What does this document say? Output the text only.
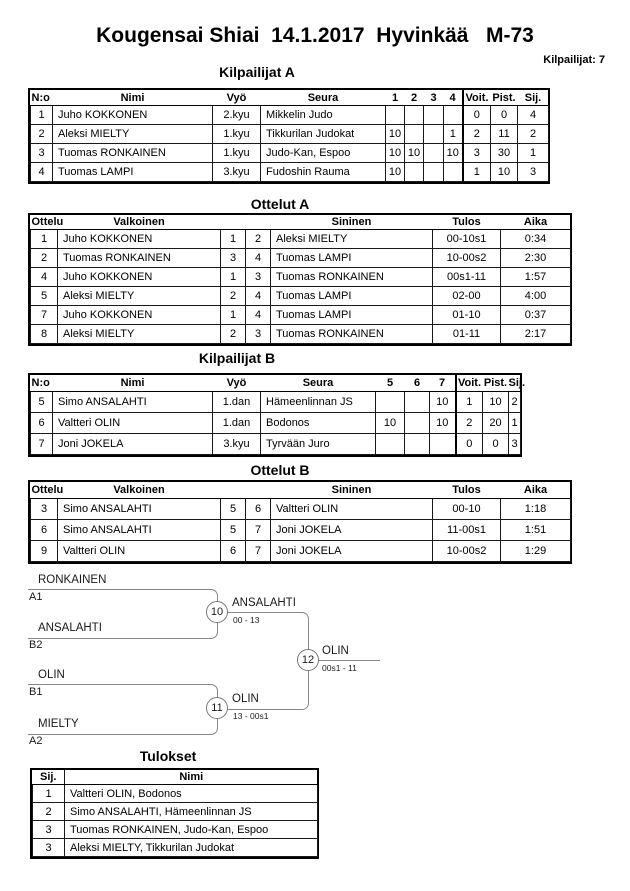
Kougensai Shiai  14.1.2017  Hyvinkää   M-73
Kilpailijat: 7
Kilpailijat A
N:o	Nimi	Vyö	Seura	1	2	3	4	Voit.	Pist.	Sij.
1	Juho KOKKONEN	2.kyu	Mikkelin Judo					0	0	4
2	Aleksi MIELTY	1.kyu	Tikkurilan Judokat	10			1	2	11	2
3	Tuomas RONKAINEN	1.kyu	Judo-Kan, Espoo	10	10		10	3	30	1
4	Tuomas LAMPI	3.kyu	Fudoshin Rauma	10				1	10	3
Ottelut A
Ottelu	Valkoinen			Sininen	Tulos	Aika
1	Juho KOKKONEN	1	2	Aleksi MIELTY	00-10s1	0:34
2	Tuomas RONKAINEN	3	4	Tuomas LAMPI	10-00s2	2:30
4	Juho KOKKONEN	1	3	Tuomas RONKAINEN	00s1-11	1:57
5	Aleksi MIELTY	2	4	Tuomas LAMPI	02-00	4:00
7	Juho KOKKONEN	1	4	Tuomas LAMPI	01-10	0:37
8	Aleksi MIELTY	2	3	Tuomas RONKAINEN	01-11	2:17
Kilpailijat B
N:o	Nimi	Vyö	Seura	5	6	7	Voit.	Pist.	Sij.
5	Simo ANSALAHTI	1.dan	Hämeenlinnan JS			10	1	10	2
6	Valtteri OLIN	1.dan	Bodonos	10		10	2	20	1
7	Joni JOKELA	3.kyu	Tyrvään Juro				0	0	3
Ottelut B
Ottelu	Valkoinen			Sininen	Tulos	Aika
3	Simo ANSALAHTI	5	6	Valtteri OLIN	00-10	1:18
6	Simo ANSALAHTI	5	7	Joni JOKELA	11-00s1	1:51
9	Valtteri OLIN	6	7	Joni JOKELA	10-00s2	1:29
RONKAINEN
A1
ANSALAHTI
B2
OLIN
B1
MIELTY
A2
10
11
12
ANSALAHTI
00 - 13
OLIN
13 - 00s1
OLIN
00s1 - 11
Tulokset
Sij.	Nimi
1	Valtteri OLIN, Bodonos
2	Simo ANSALAHTI, Hämeenlinnan JS
3	Tuomas RONKAINEN, Judo-Kan, Espoo
3	Aleksi MIELTY, Tikkurilan Judokat
